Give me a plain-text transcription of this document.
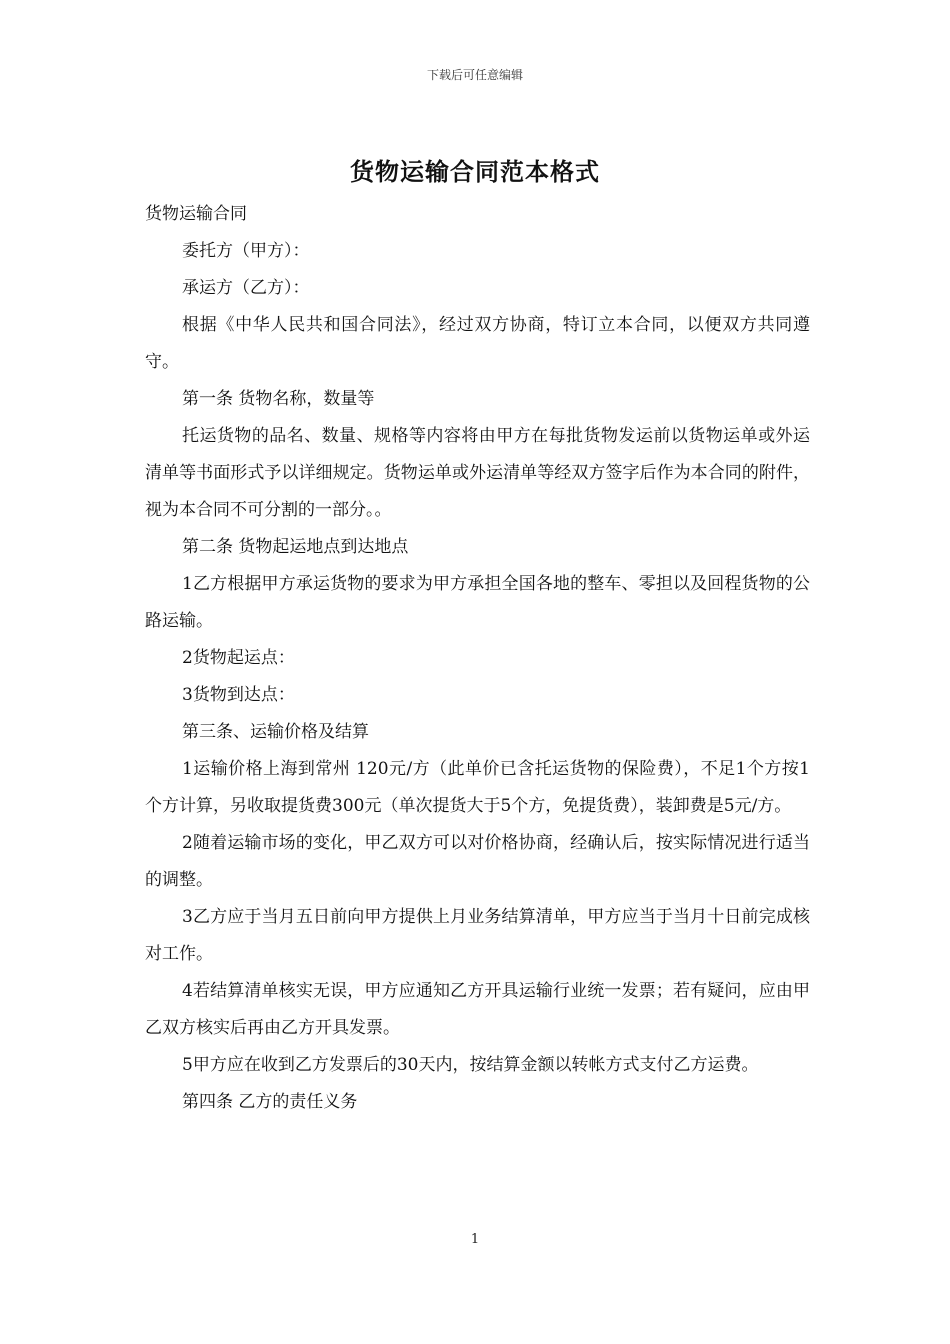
下载后可任意编辑
货物运输合同范本格式

货物运输合同

委托方（甲方）：

承运方（乙方）：

根据《中华人民共和国合同法》，经过双方协商，特订立本合同，以便双方共同遵守。

第一条 货物名称，数量等

托运货物的品名、数量、规格等内容将由甲方在每批货物发运前以货物运单或外运清单等书面形式予以详细规定。货物运单或外运清单等经双方签字后作为本合同的附件，视为本合同不可分割的一部分。。

第二条 货物起运地点到达地点

1乙方根据甲方承运货物的要求为甲方承担全国各地的整车、零担以及回程货物的公路运输。

2货物起运点：

3货物到达点：

第三条、运输价格及结算

1运输价格上海到常州 120元/方（此单价已含托运货物的保险费），不足1个方按1个方计算，另收取提货费300元（单次提货大于5个方，免提货费），装卸费是5元/方。

2随着运输市场的变化，甲乙双方可以对价格协商，经确认后，按实际情况进行适当的调整。

3乙方应于当月五日前向甲方提供上月业务结算清单，甲方应当于当月十日前完成核对工作。

4若结算清单核实无误，甲方应通知乙方开具运输行业统一发票；若有疑问，应由甲乙双方核实后再由乙方开具发票。

5甲方应在收到乙方发票后的30天内，按结算金额以转帐方式支付乙方运费。

第四条 乙方的责任义务

1
